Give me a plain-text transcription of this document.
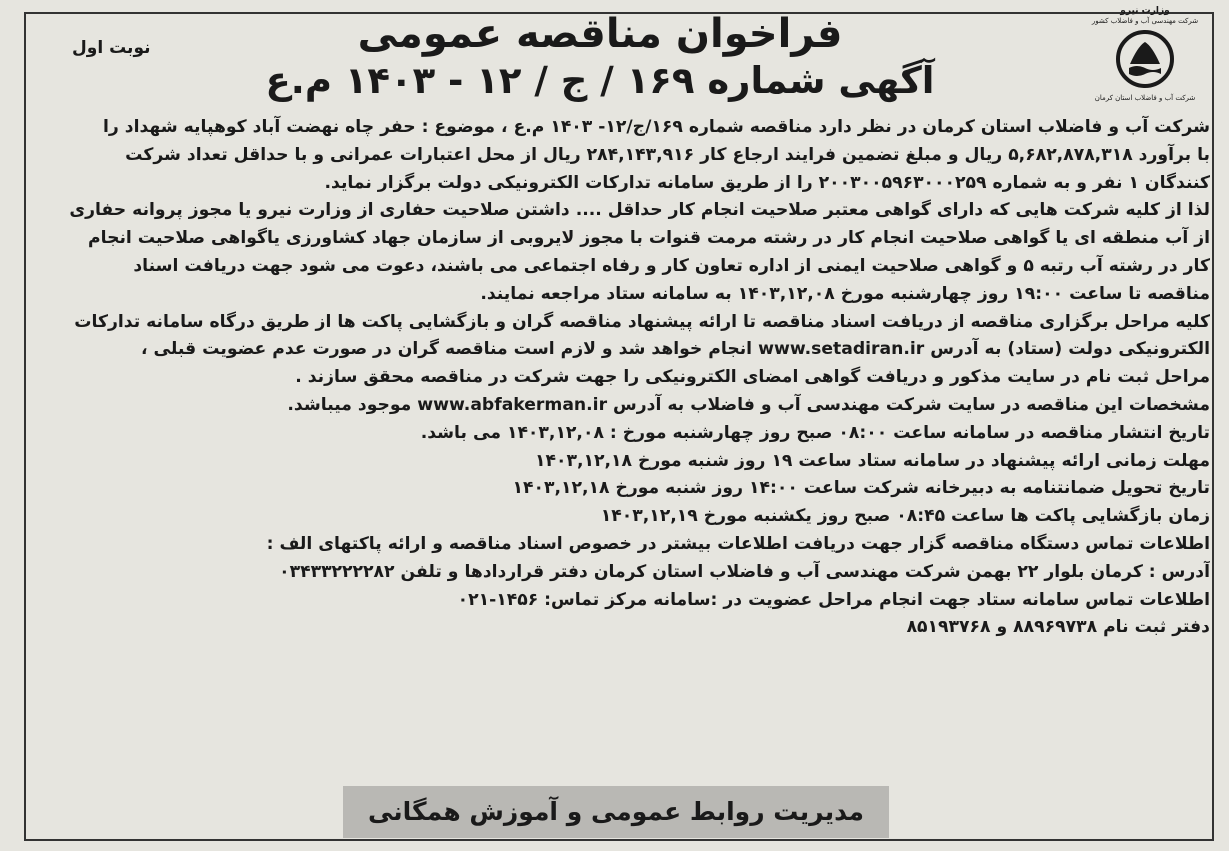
وزارت نیرو
شرکت مهندسی آب و فاضلاب کشور
شرکت آب و فاضلاب استان کرمان
نوبت اول	فراخوان مناقصه عمومی
آگهی شماره ۱۶۹ / ج / ۱۲ - ۱۴۰۳ م.ع
شرکت آب و فاضلاب استان کرمان در نظر دارد مناقصه شماره ۱۶۹/ج/۱۲- ۱۴۰۳ م.ع ، موضوع : حفر چاه نهضت آباد کوهپایه شهداد را
با برآورد ۵,۶۸۲,۸۷۸,۳۱۸ ریال و مبلغ تضمین فرایند ارجاع کار ۲۸۴,۱۴۳,۹۱۶ ریال از محل اعتبارات عمرانی و با حداقل تعداد شرکت
کنندگان ۱ نفر و به شماره ۲۰۰۳۰۰۵۹۶۳۰۰۰۲۵۹ را از طریق سامانه تدارکات الکترونیکی دولت برگزار نماید.
لذا از کلیه شرکت هایی که دارای گواهی معتبر صلاحیت انجام کار حداقل .... داشتن صلاحیت حفاری از وزارت نیرو یا مجوز پروانه حفاری
از آب منطقه ای یا گواهی صلاحیت انجام کار در رشته مرمت قنوات با مجوز لایروبی از سازمان جهاد کشاورزی یاگواهی صلاحیت انجام
کار در رشته آب رتبه ۵ و گواهی صلاحیت ایمنی از اداره تعاون کار و رفاه اجتماعی می باشند، دعوت می شود جهت دریافت اسناد
مناقصه تا ساعت ۱۹:۰۰ روز چهارشنبه مورخ ۱۴۰۳,۱۲,۰۸ به سامانه ستاد مراجعه نمایند.
کلیه مراحل برگزاری مناقصه از دریافت اسناد مناقصه تا ارائه پیشنهاد مناقصه گران و بازگشایی پاکت ها از طریق درگاه سامانه تدارکات
الکترونیکی دولت (ستاد) به آدرس www.setadiran.ir انجام خواهد شد و لازم است مناقصه گران در صورت عدم عضویت قبلی ،
مراحل ثبت نام در سایت مذکور و دریافت گواهی امضای الکترونیکی را جهت شرکت در مناقصه محقق سازند .
مشخصات این مناقصه در سایت شرکت مهندسی آب و فاضلاب به آدرس www.abfakerman.ir موجود میباشد.
تاریخ انتشار مناقصه در سامانه ساعت ۰۸:۰۰ صبح روز چهارشنبه مورخ : ۱۴۰۳,۱۲,۰۸ می باشد.
مهلت زمانی ارائه پیشنهاد در سامانه ستاد ساعت ۱۹ روز شنبه مورخ ۱۴۰۳,۱۲,۱۸
تاریخ تحویل ضمانتنامه به دبیرخانه شرکت ساعت ۱۴:۰۰ روز شنبه مورخ ۱۴۰۳,۱۲,۱۸
زمان بازگشایی پاکت ها ساعت ۰۸:۴۵ صبح روز یکشنبه مورخ ۱۴۰۳,۱۲,۱۹
اطلاعات تماس دستگاه مناقصه گزار جهت دریافت اطلاعات بیشتر در خصوص اسناد مناقصه و ارائه پاکتهای الف :
آدرس : کرمان بلوار ۲۲ بهمن شرکت مهندسی آب و فاضلاب استان کرمان دفتر قراردادها و تلفن ۰۳۴۳۳۲۲۲۲۸۲
اطلاعات تماس سامانه ستاد جهت انجام مراحل عضویت در :سامانه مرکز تماس: ۱۴۵۶-۰۲۱
دفتر ثبت نام ۸۸۹۶۹۷۳۸ و ۸۵۱۹۳۷۶۸
مدیریت روابط عمومی و آموزش همگانی
